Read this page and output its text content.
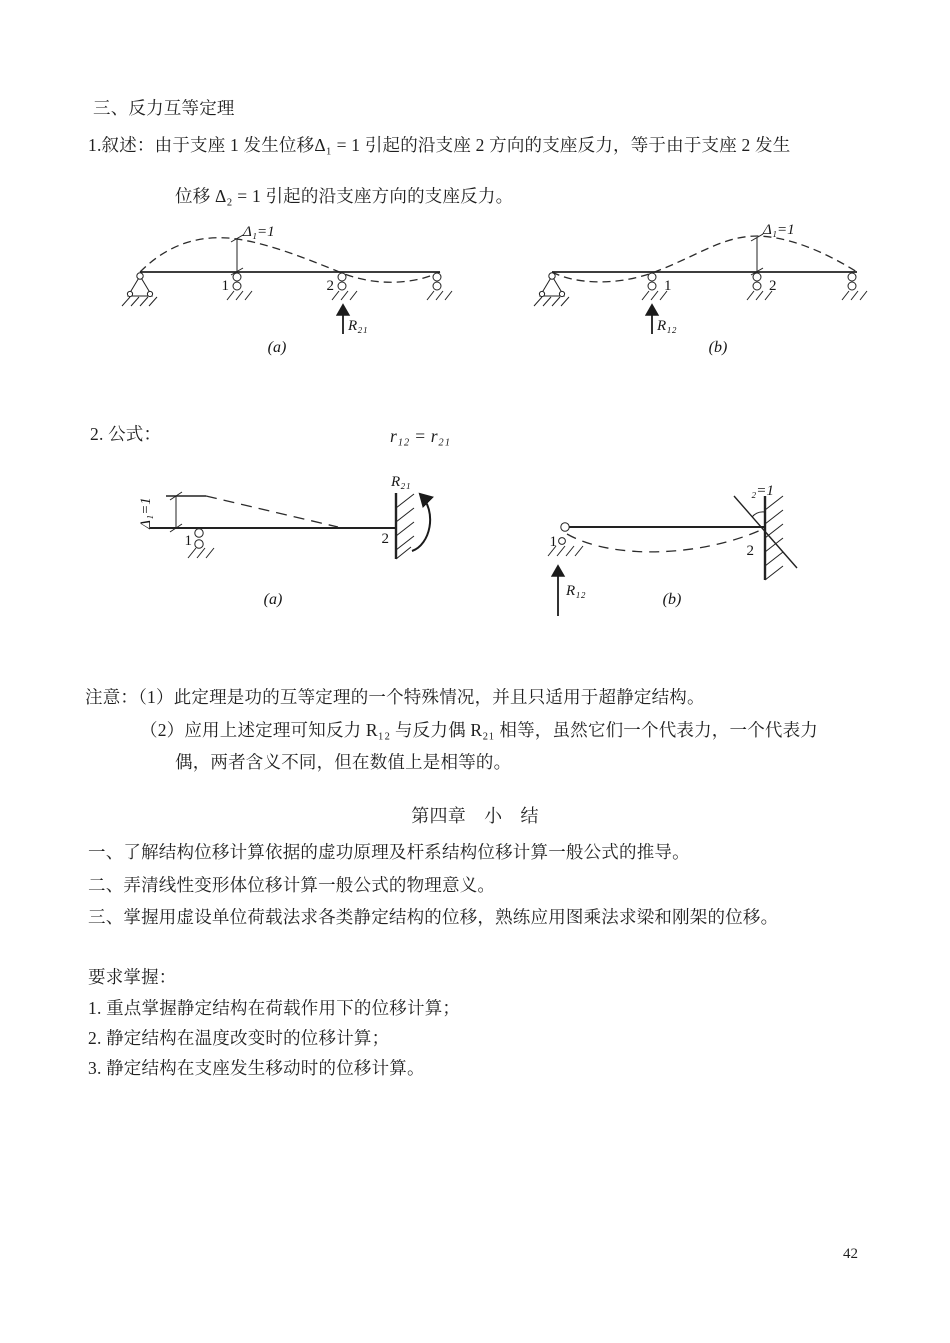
三、反力互等定理
1.叙述：由于支座 1 发生位移Δ₁ = 1 引起的沿支座 2 方向的支座反力，等于由于支座 2 发生
位移 Δ₂ = 1 引起的沿支座方向的支座反力。
Δ₁=1
1	2
R₂₁
(a)
Δ₁=1
1	2
R₁₂
(b)
2. 公式：	r₁₂ = r₂₁
Δ₁=1
1	2
R₂₁
(a)
1
R₁₂
₂=1
2
(b)
注意：（1）此定理是功的互等定理的一个特殊情况，并且只适用于超静定结构。
（2）应用上述定理可知反力 R₁₂ 与反力偶 R₂₁ 相等，虽然它们一个代表力，一个代表力
偶，两者含义不同，但在数值上是相等的。
第四章　小　结
一、了解结构位移计算依据的虚功原理及杆系结构位移计算一般公式的推导。
二、弄清线性变形体位移计算一般公式的物理意义。
三、掌握用虚设单位荷载法求各类静定结构的位移，熟练应用图乘法求梁和刚架的位移。
要求掌握：
1. 重点掌握静定结构在荷载作用下的位移计算；
2. 静定结构在温度改变时的位移计算；
3. 静定结构在支座发生移动时的位移计算。
42
